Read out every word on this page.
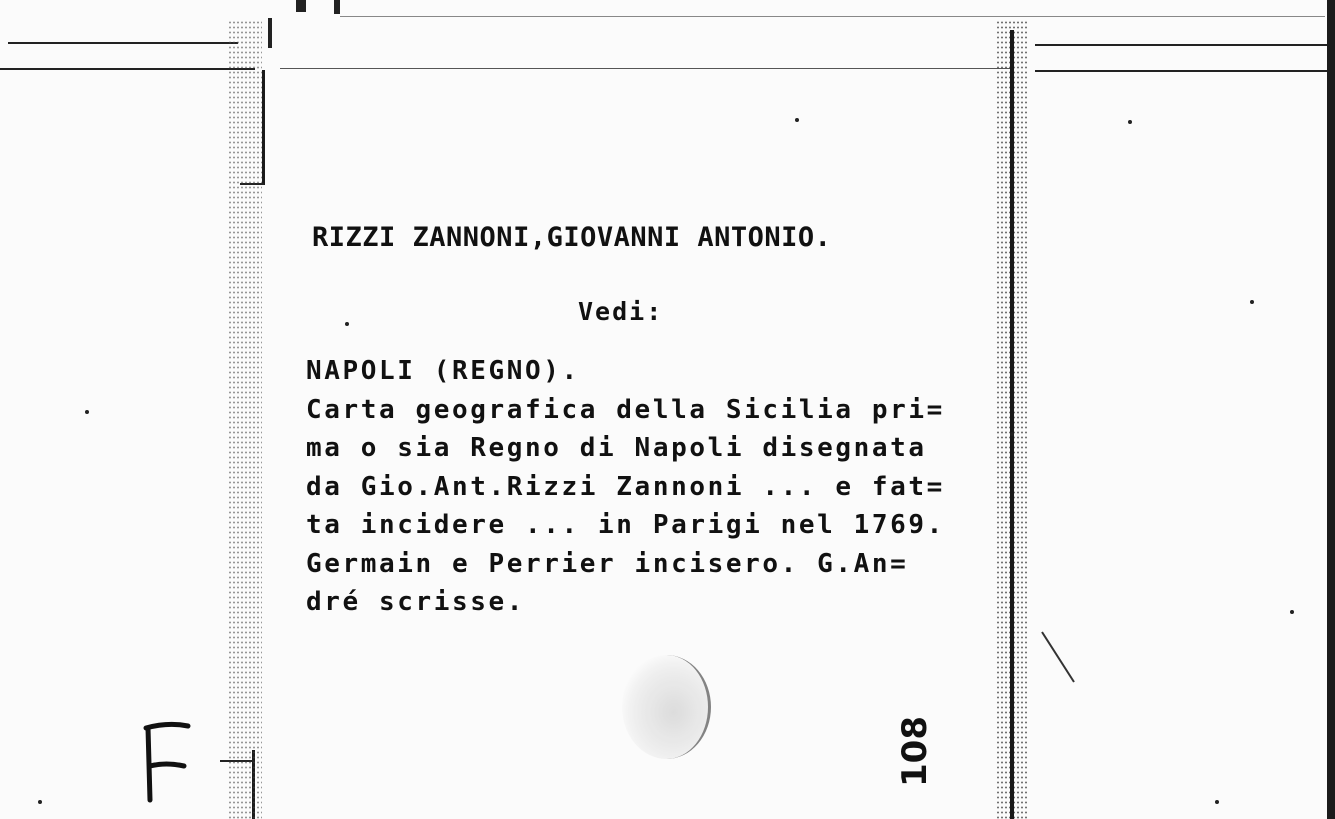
RIZZI ZANNONI,GIOVANNI ANTONIO.
Vedi:
NAPOLI (REGNO).
Carta geografica della Sicilia pri=
ma o sia Regno di Napoli disegnata
da Gio.Ant.Rizzi Zannoni ... e fat=
ta incidere ... in Parigi nel 1769.
Germain e Perrier incisero. G.An=
dré scrisse.
108
